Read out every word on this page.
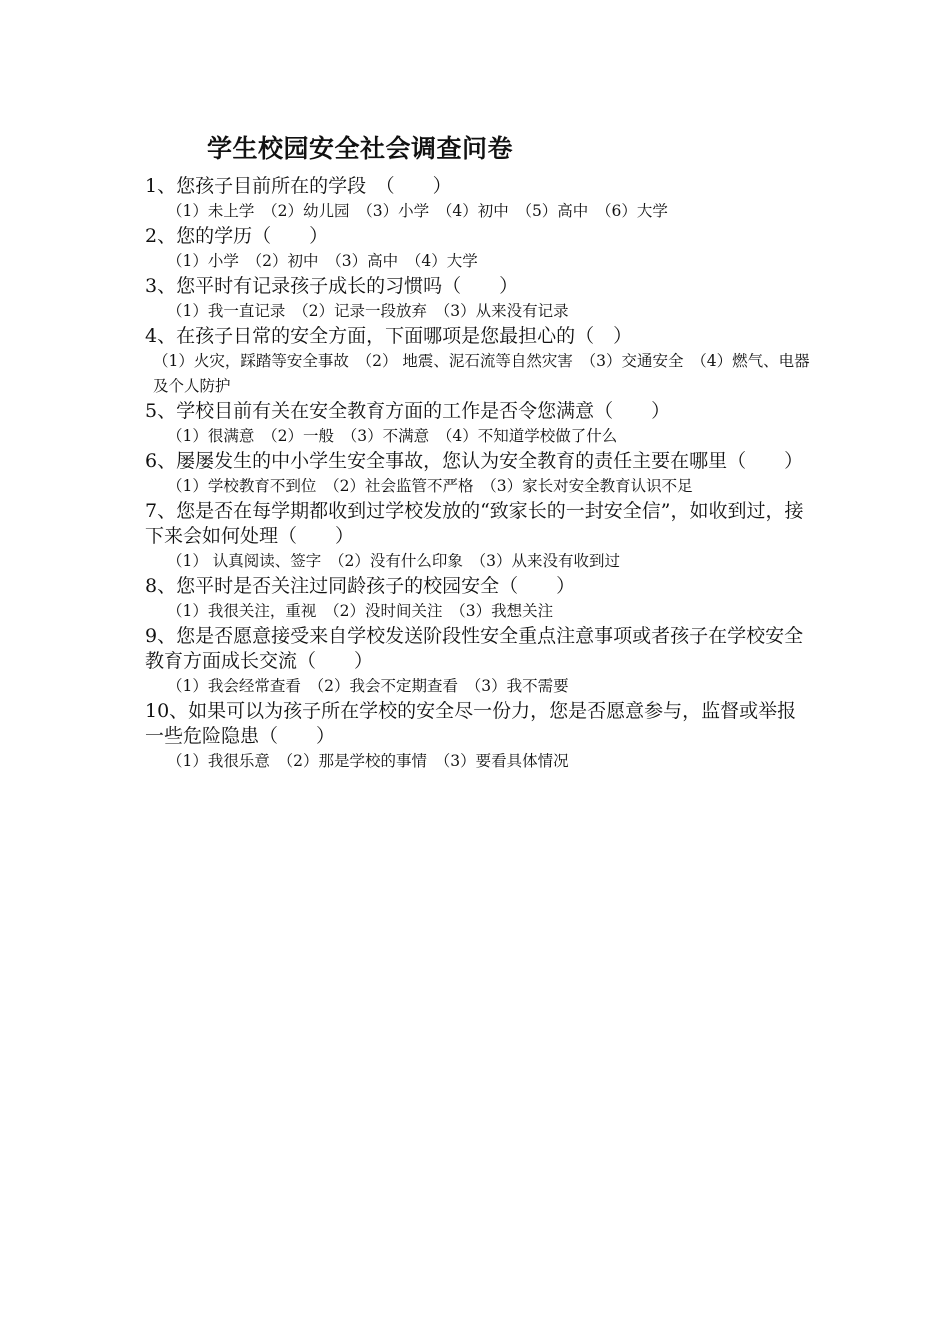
学生校园安全社会调查问卷

1、您孩子目前所在的学段　（　　）

（1）未上学　（2）幼儿园　（3）小学　（4）初中　（5）高中　（6）大学

2、您的学历（　　）

（1）小学　（2）初中　（3）高中　（4）大学

3、您平时有记录孩子成长的习惯吗（　　）

（1）我一直记录　（2）记录一段放弃　（3）从来没有记录

4、在孩子日常的安全方面，下面哪项是您最担心的（　）

（1）火灾，踩踏等安全事故　（2） 地震、泥石流等自然灾害　（3）交通安全　（4）燃气、电器及个人防护

5、学校目前有关在安全教育方面的工作是否令您满意（　　）

（1）很满意　（2）一般　（3）不满意　（4）不知道学校做了什么

6、屡屡发生的中小学生安全事故，您认为安全教育的责任主要在哪里（　　）

（1）学校教育不到位　（2）社会监管不严格　（3）家长对安全教育认识不足

7、您是否在每学期都收到过学校发放的“致家长的一封安全信”，如收到过，接下来会如何处理（　　）

（1） 认真阅读、签字　（2）没有什么印象　（3）从来没有收到过

8、您平时是否关注过同龄孩子的校园安全（　　）

（1）我很关注，重视　（2）没时间关注　（3）我想关注

9、您是否愿意接受来自学校发送阶段性安全重点注意事项或者孩子在学校安全教育方面成长交流（　　）

（1）我会经常查看　（2）我会不定期查看　（3）我不需要

10、如果可以为孩子所在学校的安全尽一份力，您是否愿意参与，监督或举报一些危险隐患（　　）

（1）我很乐意　（2）那是学校的事情　（3）要看具体情况
